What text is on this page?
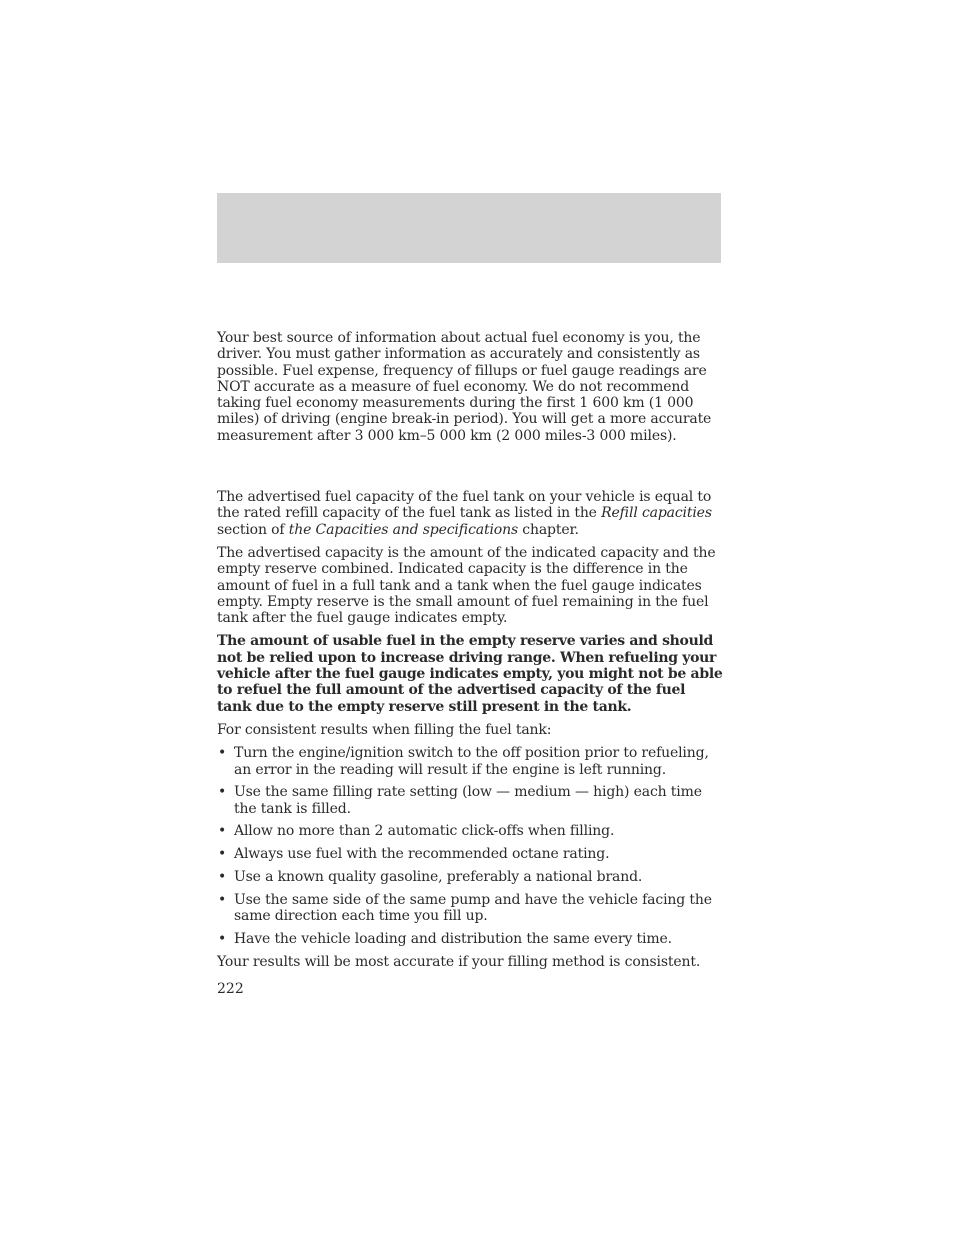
Your best source of information about actual fuel economy is you, the driver. You must gather information as accurately and consistently as possible. Fuel expense, frequency of fillups or fuel gauge readings are NOT accurate as a measure of fuel economy. We do not recommend taking fuel economy measurements during the first 1 600 km (1 000 miles) of driving (engine break-in period). You will get a more accurate measurement after 3 000 km–5 000 km (2 000 miles-3 000 miles).

The advertised fuel capacity of the fuel tank on your vehicle is equal to the rated refill capacity of the fuel tank as listed in the Refill capacities section of the Capacities and specifications chapter.

The advertised capacity is the amount of the indicated capacity and the empty reserve combined. Indicated capacity is the difference in the amount of fuel in a full tank and a tank when the fuel gauge indicates empty. Empty reserve is the small amount of fuel remaining in the fuel tank after the fuel gauge indicates empty.

The amount of usable fuel in the empty reserve varies and should not be relied upon to increase driving range. When refueling your vehicle after the fuel gauge indicates empty, you might not be able to refuel the full amount of the advertised capacity of the fuel tank due to the empty reserve still present in the tank.

For consistent results when filling the fuel tank:

• Turn the engine/ignition switch to the off position prior to refueling, an error in the reading will result if the engine is left running.
• Use the same filling rate setting (low — medium — high) each time the tank is filled.
• Allow no more than 2 automatic click-offs when filling.
• Always use fuel with the recommended octane rating.
• Use a known quality gasoline, preferably a national brand.
• Use the same side of the same pump and have the vehicle facing the same direction each time you fill up.
• Have the vehicle loading and distribution the same every time.

Your results will be most accurate if your filling method is consistent.

222
